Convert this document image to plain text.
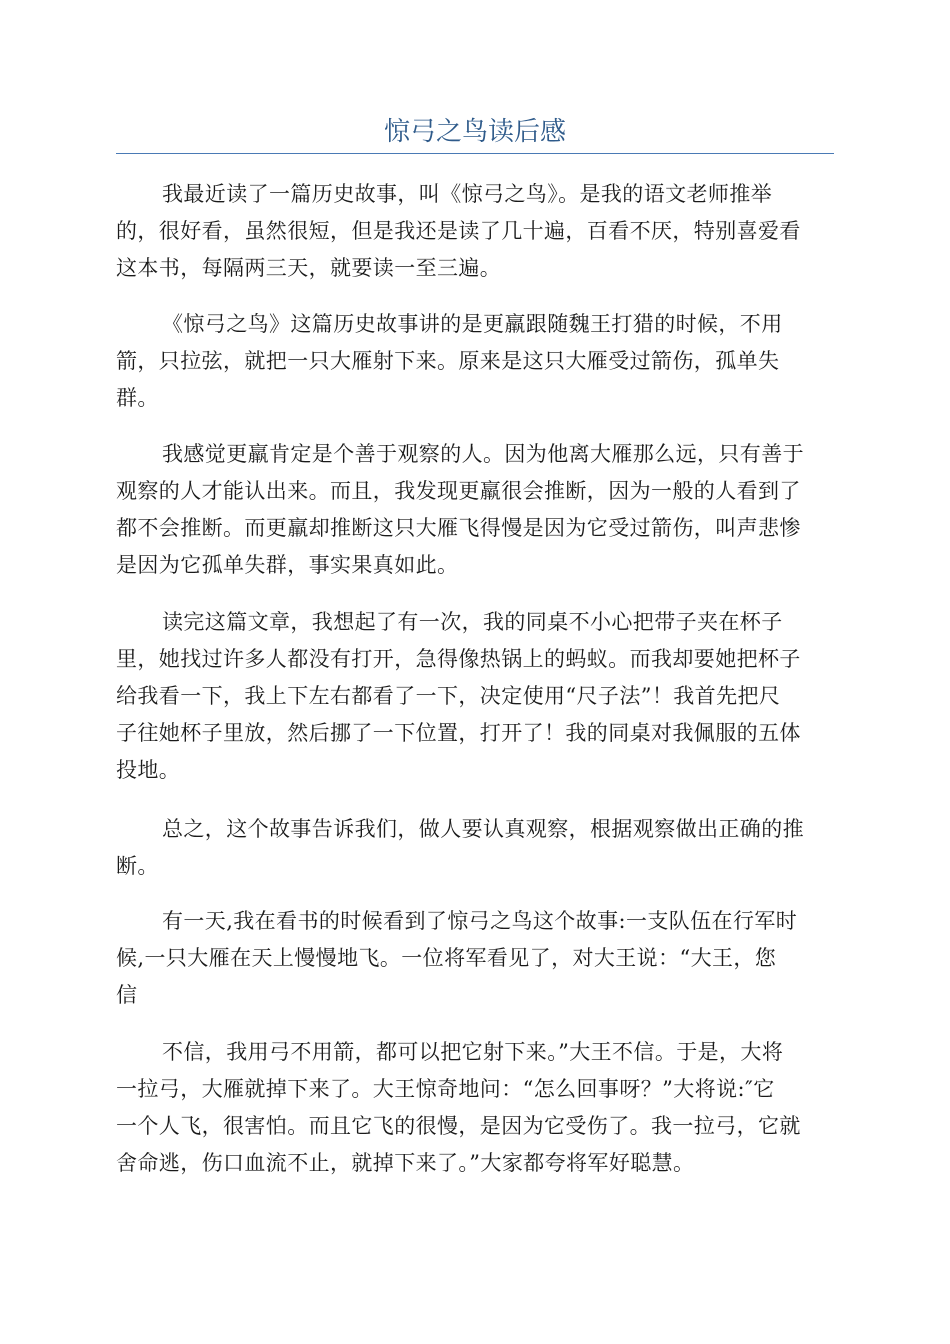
惊弓之鸟读后感

我最近读了一篇历史故事，叫《惊弓之鸟》。是我的语文老师推举
的，很好看，虽然很短，但是我还是读了几十遍，百看不厌，特别喜爱看
这本书，每隔两三天，就要读一至三遍。

《惊弓之鸟》这篇历史故事讲的是更羸跟随魏王打猎的时候，不用
箭，只拉弦，就把一只大雁射下来。原来是这只大雁受过箭伤，孤单失
群。

我感觉更羸肯定是个善于观察的人。因为他离大雁那么远，只有善于
观察的人才能认出来。而且，我发现更羸很会推断，因为一般的人看到了
都不会推断。而更羸却推断这只大雁飞得慢是因为它受过箭伤，叫声悲惨
是因为它孤单失群，事实果真如此。

读完这篇文章，我想起了有一次，我的同桌不小心把带子夹在杯子
里，她找过许多人都没有打开，急得像热锅上的蚂蚁。而我却要她把杯子
给我看一下，我上下左右都看了一下，决定使用“尺子法”！我首先把尺
子往她杯子里放，然后挪了一下位置，打开了！我的同桌对我佩服的五体
投地。

总之，这个故事告诉我们，做人要认真观察，根据观察做出正确的推
断。

有一天,我在看书的时候看到了惊弓之鸟这个故事:一支队伍在行军时
候,一只大雁在天上慢慢地飞。一位将军看见了，对大王说：“大王，您
信

不信，我用弓不用箭，都可以把它射下来。”大王不信。于是，大将
一拉弓，大雁就掉下来了。大王惊奇地问：“怎么回事呀？”大将说:″它
一个人飞，很害怕。而且它飞的很慢，是因为它受伤了。我一拉弓，它就
舍命逃，伤口血流不止，就掉下来了。”大家都夸将军好聪慧。
